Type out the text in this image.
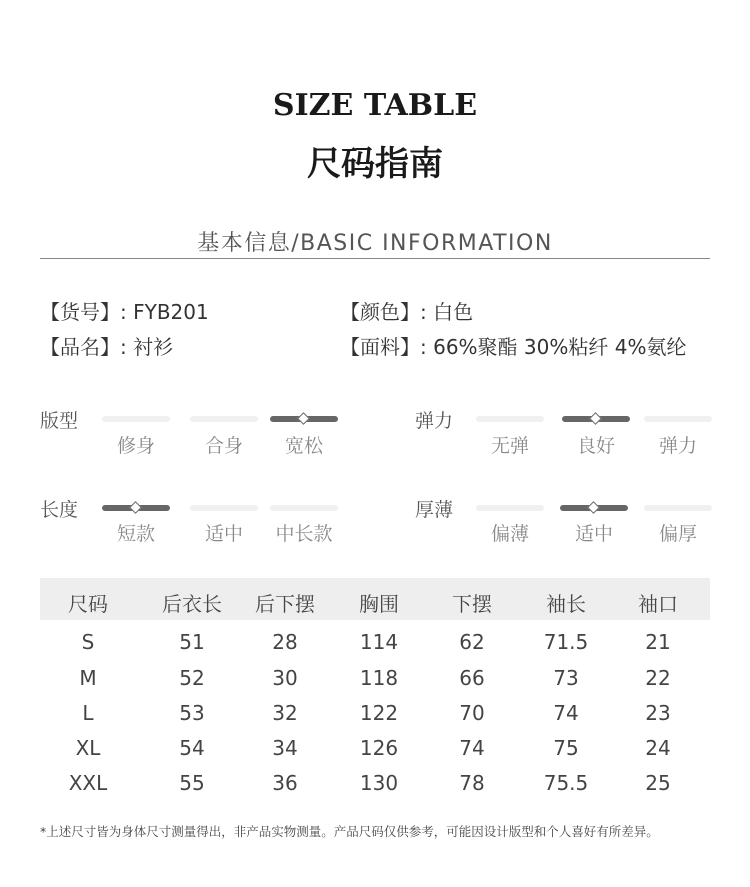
SIZE TABLE
尺码指南
基本信息/BASIC INFORMATION
【货号】: FYB201	【颜色】: 白色
【品名】: 衬衫	【面料】: 66%聚酯 30%粘纤 4%氨纶
版型	弹力
长度	厚薄
尺码	后衣长	后下摆	胸围	下摆	袖长	袖口
S	51	28	114	62	71.5	21
M	52	30	118	66	73	22
L	53	32	122	70	74	23
XL	54	34	126	74	75	24
XXL	55	36	130	78	75.5	25
*上述尺寸皆为身体尺寸测量得出，非产品实物测量。产品尺码仅供参考，可能因设计版型和个人喜好有所差异。
修身	合身	宽松	无弹	良好	弹力
短款	适中	中长款	偏薄	适中	偏厚
